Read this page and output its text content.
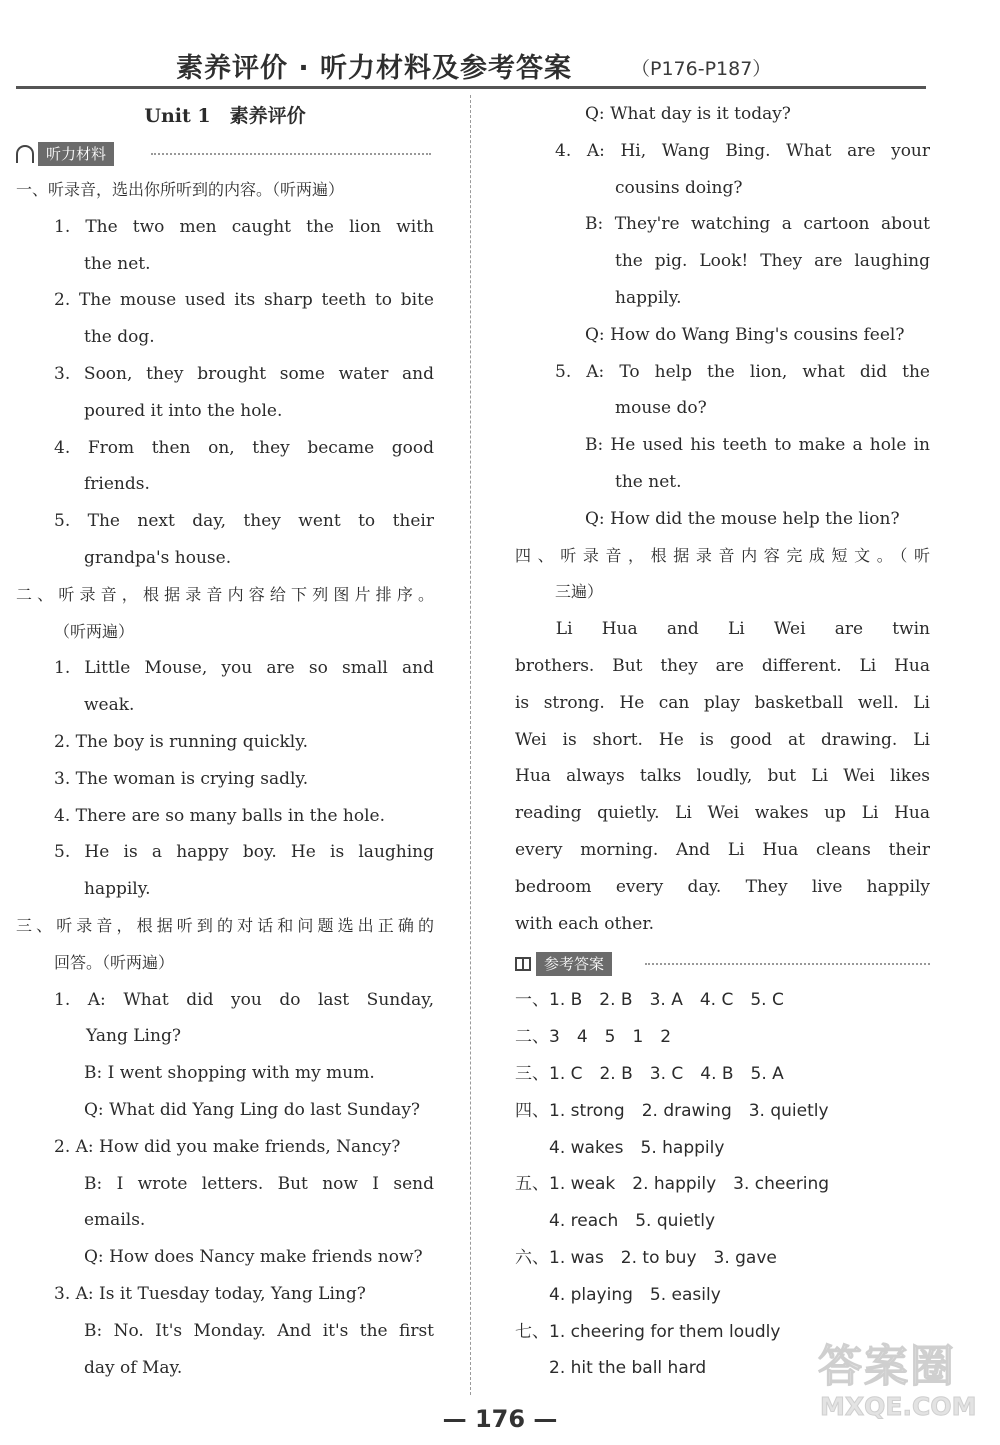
素养评价 · 听力材料及参考答案	（P176-P187）
Unit 1　素养评价
听力材料
一、听录音，选出你所听到的内容。（听两遍）
1. The two men caught the lion with
the net.
2. The mouse used its sharp teeth to bite
the dog.
3. Soon, they brought some water and
poured it into the hole.
4. From then on, they became good
friends.
5. The next day, they went to their
grandpa's house.
二、听录音，根据录音内容给下列图片排序。
（听两遍）
1. Little Mouse, you are so small and
weak.
2. The boy is running quickly.
3. The woman is crying sadly.
4. There are so many balls in the hole.
5. He is a happy boy. He is laughing
happily.
三、听录音，根据听到的对话和问题选出正确的
回答。（听两遍）
1. A: What did you do last Sunday,
Yang Ling?
B: I went shopping with my mum.
Q: What did Yang Ling do last Sunday?
2. A: How did you make friends, Nancy?
B: I wrote letters. But now I send
emails.
Q: How does Nancy make friends now?
3. A: Is it Tuesday today, Yang Ling?
B: No. It's Monday. And it's the first
day of May.
Q: What day is it today?
4. A: Hi, Wang Bing. What are your
cousins doing?
B: They're watching a cartoon about
the pig. Look! They are laughing
happily.
Q: How do Wang Bing's cousins feel?
5. A: To help the lion, what did the
mouse do?
B: He used his teeth to make a hole in
the net.
Q: How did the mouse help the lion?
四、听录音，根据录音内容完成短文。（听
三遍）
　Li Hua and Li Wei are twin
brothers. But they are different. Li Hua
is strong. He can play basketball well. Li
Wei is short. He is good at drawing. Li
Hua always talks loudly, but Li Wei likes
reading quietly. Li Wei wakes up Li Hua
every morning. And Li Hua cleans their
bedroom every day. They live happily
with each other.
参考答案
一、1. B　2. B　3. A　4. C　5. C
二、3　4　5　1　2
三、1. C　2. B　3. C　4. B　5. A
四、1. strong　2. drawing　3. quietly
　　4. wakes　5. happily
五、1. weak　2. happily　3. cheering
　　4. reach　5. quietly
六、1. was　2. to buy　3. gave
　　4. playing　5. easily
七、1. cheering for them loudly
　　2. hit the ball hard
— 176 —
答案圈
MXQE.COM
